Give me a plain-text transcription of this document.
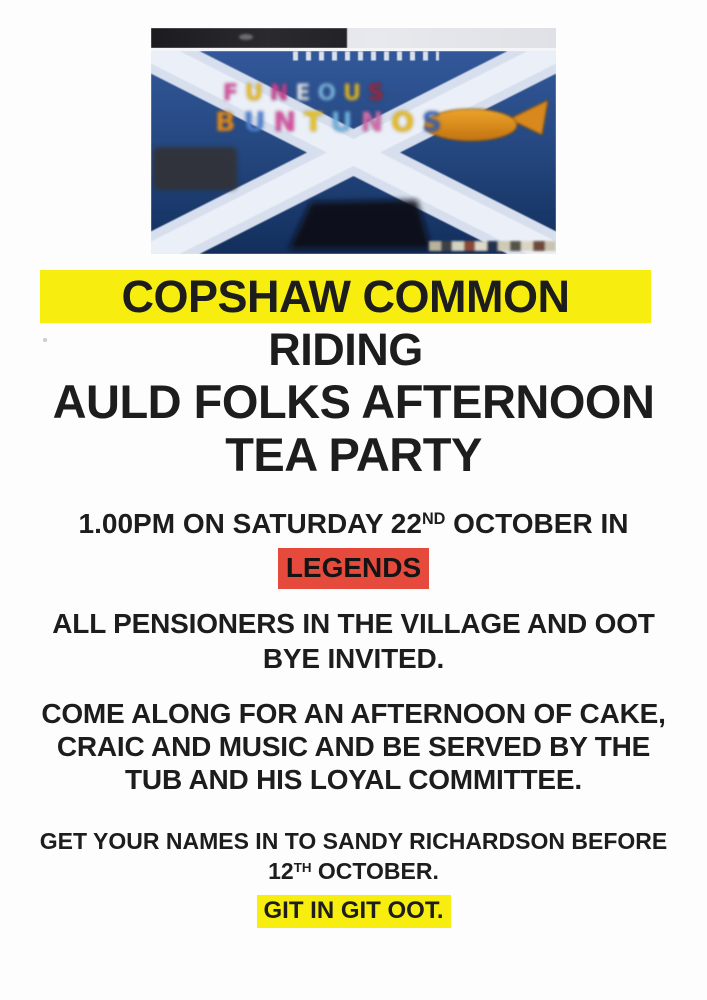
FUNEOUS
BUNTUNOS
COPSHAW COMMON RIDING
AULD FOLKS AFTERNOON
TEA PARTY
1.00PM ON SATURDAY 22ND OCTOBER IN
LEGENDS
ALL PENSIONERS IN THE VILLAGE AND OOT
BYE INVITED.
COME ALONG FOR AN AFTERNOON OF CAKE,
CRAIC AND MUSIC AND BE SERVED BY THE
TUB AND HIS LOYAL COMMITTEE.
GET YOUR NAMES IN TO SANDY RICHARDSON BEFORE
12TH OCTOBER.
GIT IN GIT OOT.
